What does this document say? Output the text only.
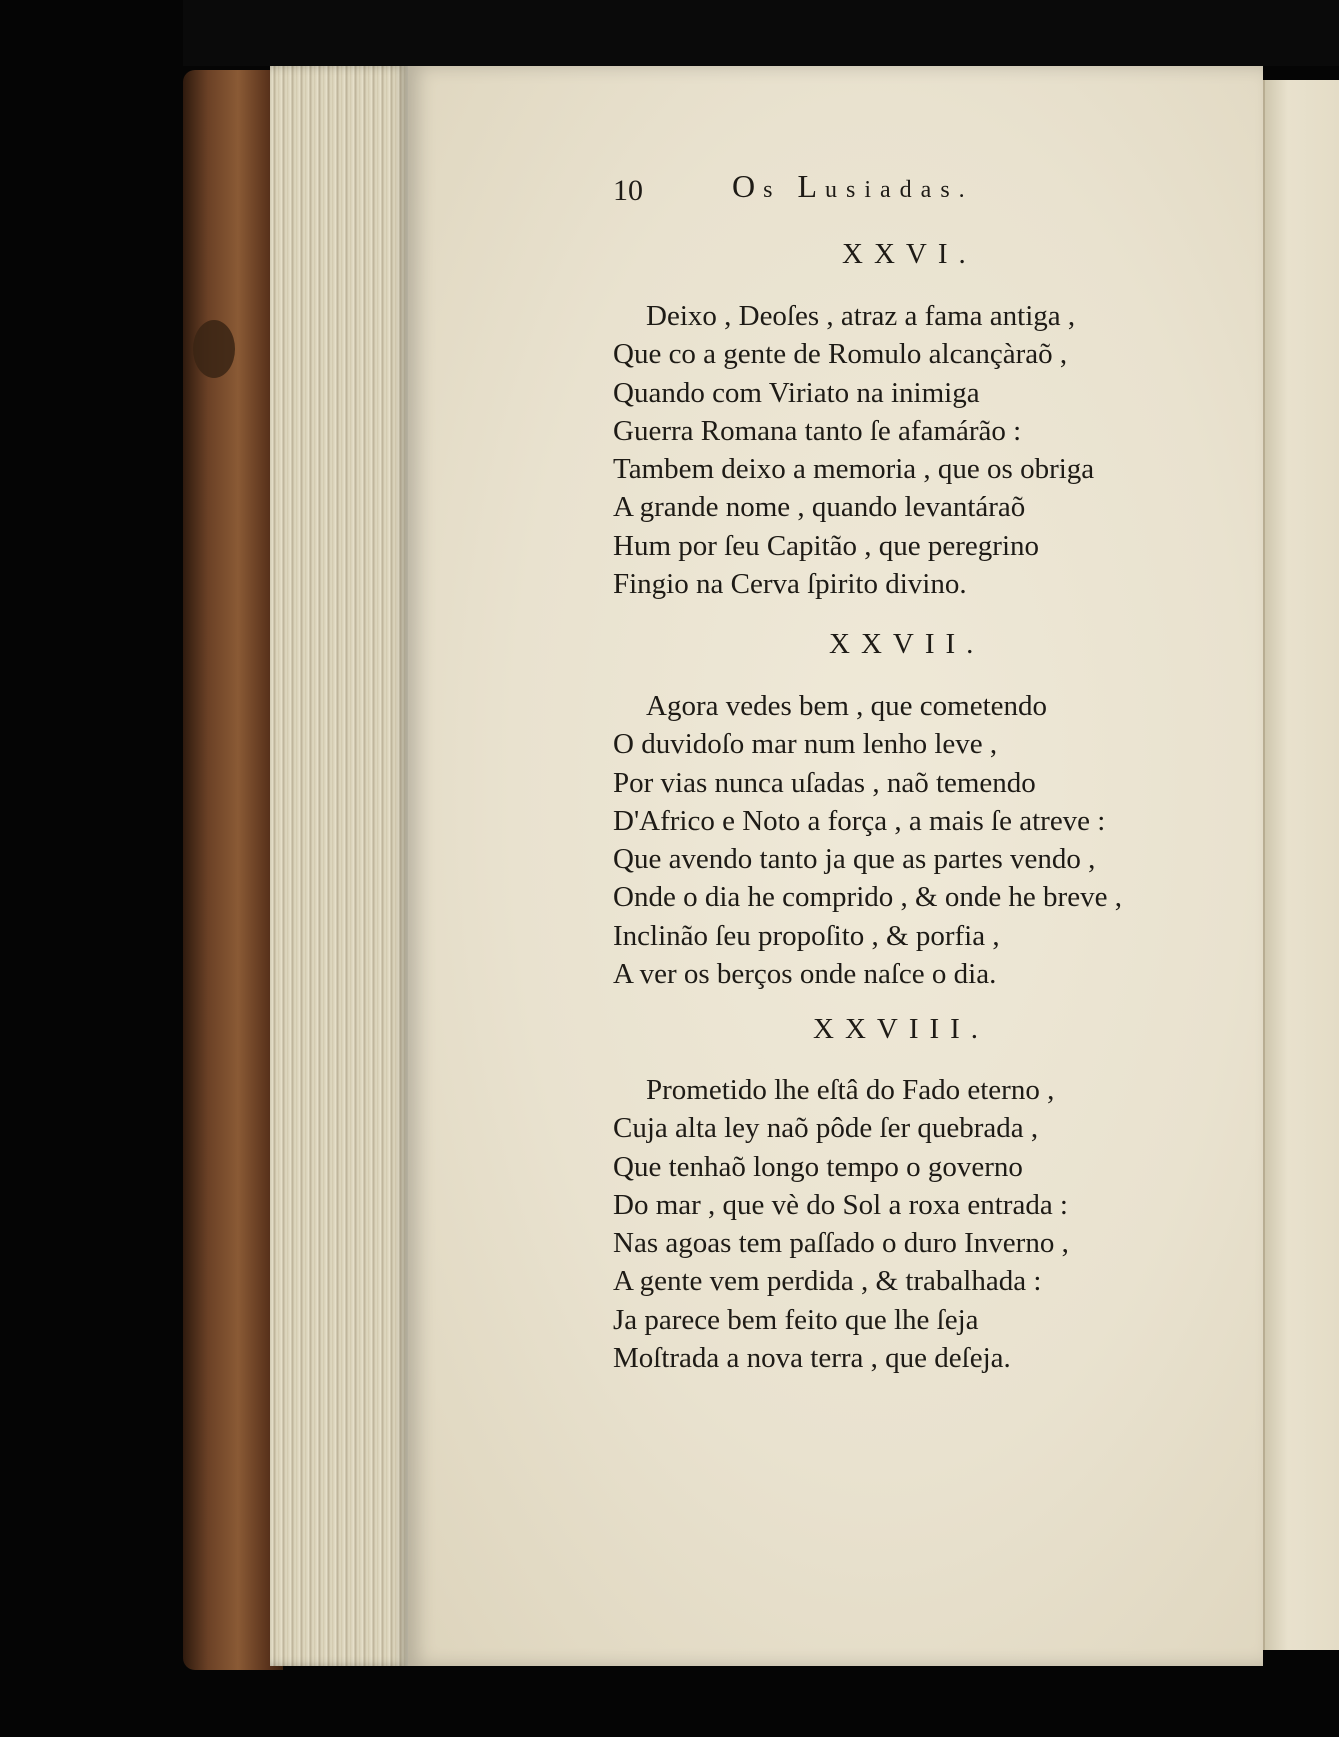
10	Os Lusiadas.
XXVI.
Deixo , Deoſes , atraz a fama antiga ,
Que co a gente de Romulo alcançàraõ ,
Quando com Viriato na inimiga
Guerra Romana tanto ſe afamárão :
Tambem deixo a memoria , que os obriga
A grande nome , quando levantáraõ
Hum por ſeu Capitão , que peregrino
Fingio na Cerva ſpirito divino.
XXVII.
Agora vedes bem , que cometendo
O duvidoſo mar num lenho leve ,
Por vias nunca uſadas , naõ temendo
D'Africo e Noto a força , a mais ſe atreve :
Que avendo tanto ja que as partes vendo ,
Onde o dia he comprido , & onde he breve ,
Inclinão ſeu propoſito , & porfia ,
A ver os berços onde naſce o dia.
XXVIII.
Prometido lhe eſtâ do Fado eterno ,
Cuja alta ley naõ pôde ſer quebrada ,
Que tenhaõ longo tempo o governo
Do mar , que vè do Sol a roxa entrada :
Nas agoas tem paſſado o duro Inverno ,
A gente vem perdida , & trabalhada :
Ja parece bem feito que lhe ſeja
Moſtrada a nova terra , que deſeja.
